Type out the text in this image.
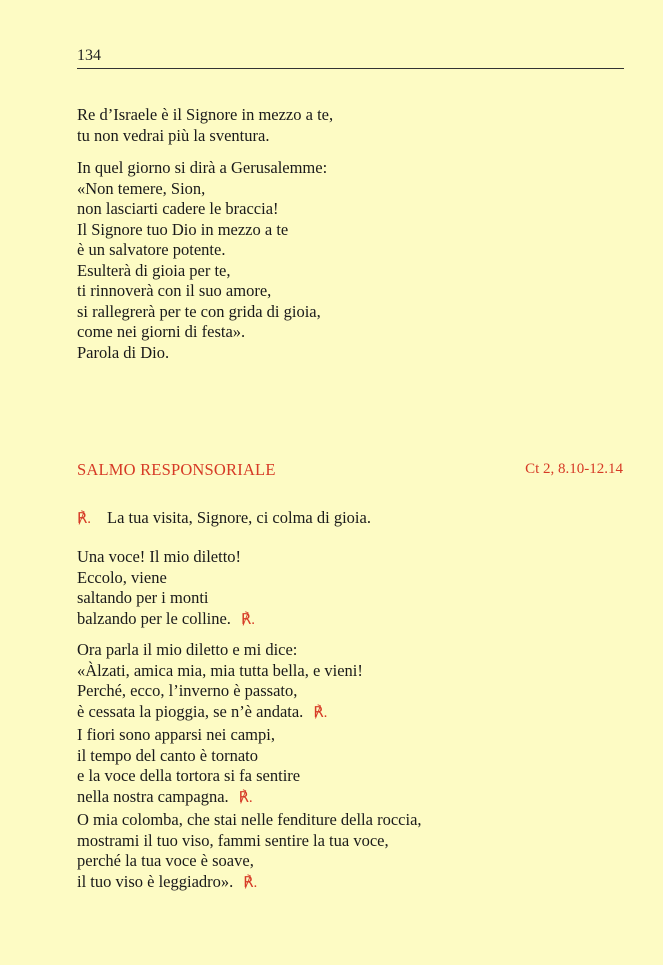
134
Re d’Israele è il Signore in mezzo a te,
tu non vedrai più la sventura.
In quel giorno si dirà a Gerusalemme:
«Non temere, Sion,
non lasciarti cadere le braccia!
Il Signore tuo Dio in mezzo a te
è un salvatore potente.
Esulterà di gioia per te,
ti rinnoverà con il suo amore,
si rallegrerà per te con grida di gioia,
come nei giorni di festa».
Parola di Dio.
SALMO RESPONSORIALE	Ct 2, 8.10-12.14
℟. La tua visita, Signore, ci colma di gioia.
Una voce! Il mio diletto!
Eccolo, viene
saltando per i monti
balzando per le colline. ℟.
Ora parla il mio diletto e mi dice:
«Àlzati, amica mia, mia tutta bella, e vieni!
Perché, ecco, l’inverno è passato,
è cessata la pioggia, se n’è andata. ℟.
I fiori sono apparsi nei campi,
il tempo del canto è tornato
e la voce della tortora si fa sentire
nella nostra campagna. ℟.
O mia colomba, che stai nelle fenditure della roccia,
mostrami il tuo viso, fammi sentire la tua voce,
perché la tua voce è soave,
il tuo viso è leggiadro». ℟.
